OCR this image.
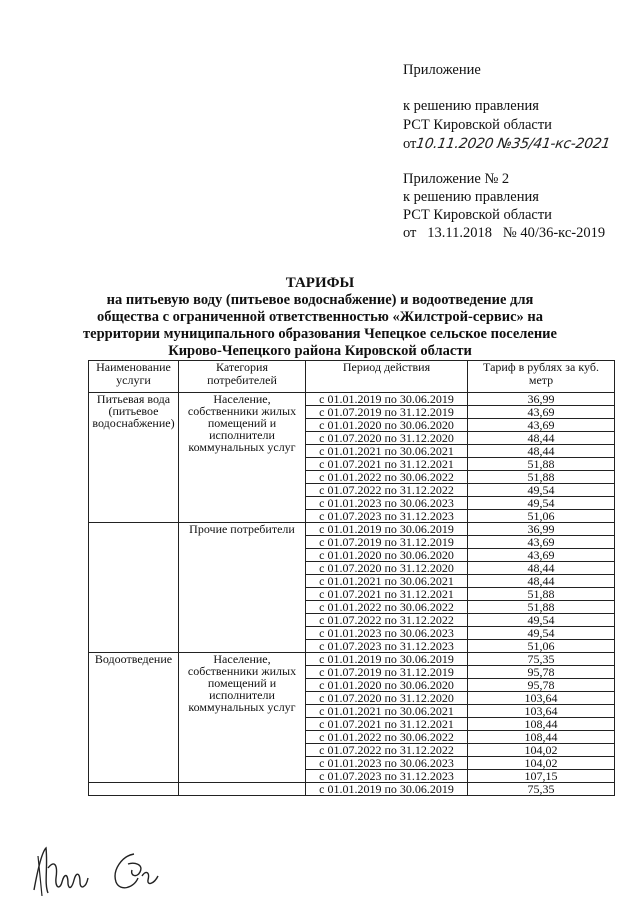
Приложение
к решению правления
РСТ Кировской области
от10.11.2020 №35/41-кс-2021
Приложение № 2
к решению правления
РСТ Кировской области
от   13.11.2018   № 40/36-кс-2019
ТАРИФЫ
на питьевую воду (питьевое водоснабжение) и водоотведение для
общества с ограниченной ответственностью «Жилстрой-сервис» на
территории муниципального образования Чепецкое сельское поселение
Кирово-Чепецкого района Кировской области
Наименование услуги	Категория потребителей	Период действия	Тариф в рублях за куб. метр
Питьевая вода (питьевое водоснабжение)	Население, собственники жилых помещений и исполнители коммунальных услуг	с 01.01.2019 по 30.06.2019	36,99
		с 01.07.2019 по 31.12.2019	43,69
		с 01.01.2020 по 30.06.2020	43,69
		с 01.07.2020 по 31.12.2020	48,44
		с 01.01.2021 по 30.06.2021	48,44
		с 01.07.2021 по 31.12.2021	51,88
		с 01.01.2022 по 30.06.2022	51,88
		с 01.07.2022 по 31.12.2022	49,54
		с 01.01.2023 по 30.06.2023	49,54
		с 01.07.2023 по 31.12.2023	51,06
	Прочие потребители	с 01.01.2019 по 30.06.2019	36,99
		с 01.07.2019 по 31.12.2019	43,69
		с 01.01.2020 по 30.06.2020	43,69
		с 01.07.2020 по 31.12.2020	48,44
		с 01.01.2021 по 30.06.2021	48,44
		с 01.07.2021 по 31.12.2021	51,88
		с 01.01.2022 по 30.06.2022	51,88
		с 01.07.2022 по 31.12.2022	49,54
		с 01.01.2023 по 30.06.2023	49,54
		с 01.07.2023 по 31.12.2023	51,06
Водоотведение	Население, собственники жилых помещений и исполнители коммунальных услуг	с 01.01.2019 по 30.06.2019	75,35
		с 01.07.2019 по 31.12.2019	95,78
		с 01.01.2020 по 30.06.2020	95,78
		с 01.07.2020 по 31.12.2020	103,64
		с 01.01.2021 по 30.06.2021	103,64
		с 01.07.2021 по 31.12.2021	108,44
		с 01.01.2022 по 30.06.2022	108,44
		с 01.07.2022 по 31.12.2022	104,02
		с 01.01.2023 по 30.06.2023	104,02
		с 01.07.2023 по 31.12.2023	107,15
		с 01.01.2019 по 30.06.2019	75,35
